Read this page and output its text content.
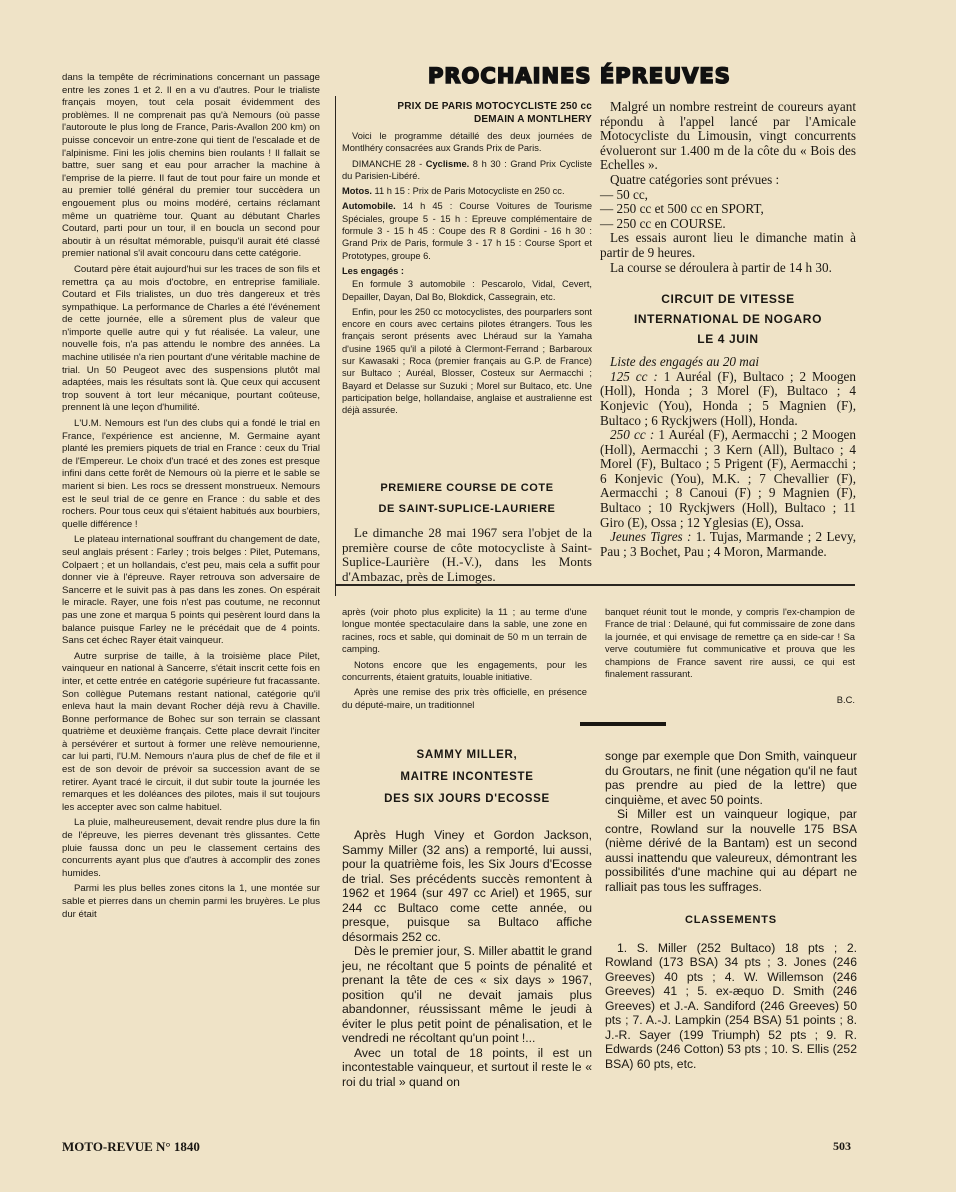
dans la tempête de récriminations concernant un passage entre les zones 1 et 2. Il en a vu d'autres. Pour le trialiste français moyen, tout cela posait évidemment des problèmes. Il ne comprenait pas qu'à Nemours (où passe l'autoroute le plus long de France, Paris-Avallon 200 km) on puisse concevoir un entre-zone qui tient de l'escalade et de l'alpinisme. Fini les jolis chemins bien roulants ! Il fallait se battre, suer sang et eau pour arracher la machine à l'emprise de la pierre. Il faut de tout pour faire un monde et au premier tollé général du premier tour succèdera un engouement plus ou moins modéré, certains réclamant même un quatrième tour. Quant au débutant Charles Coutard, parti pour un tour, il en boucla un second pour aboutir à un résultat mémorable, puisqu'il aurait été classé premier national s'il avait concouru dans cette catégorie.

Coutard père était aujourd'hui sur les traces de son fils et remettra ça au mois d'octobre, en entreprise familiale. Coutard et Fils trialistes, un duo très dangereux et très sympathique. La performance de Charles a été l'événement de cette journée, elle a sûrement plus de valeur que n'importe quelle autre qui y fut réalisée. La valeur, une nouvelle fois, n'a pas attendu le nombre des années. La machine utilisée n'a rien pourtant d'une véritable machine de trial. Un 50 Peugeot avec des suspensions plutôt mal adaptées, mais les résultats sont là. Que ceux qui accusent trop souvent à tort leur mécanique, pourtant coûteuse, prennent là une leçon d'humilité.

L'U.M. Nemours est l'un des clubs qui a fondé le trial en France, l'expérience est ancienne, M. Germaine ayant planté les premiers piquets de trial en France : ceux du Trial de l'Empereur. Le choix d'un tracé et des zones est presque infini dans cette forêt de Nemours où la pierre et le sable se marient si bien. Les rocs se dressent monstrueux. Nemours est le seul trial de ce genre en France : du sable et des rochers. Pour tous ceux qui s'étaient habitués aux bourbiers, quelle différence !

Le plateau international souffrant du changement de date, seul anglais présent : Farley ; trois belges : Pilet, Putemans, Colpaert ; et un hollandais, c'est peu, mais cela a suffit pour donner vie à l'épreuve. Rayer retrouva son adversaire de Sancerre et le suivit pas à pas dans les zones. On espérait le miracle. Rayer, une fois n'est pas coutume, ne reconnut pas une zone et marqua 5 points qui pesèrent lourd dans la balance puisque Farley ne le précédait que de 4 points. Sans cet échec Rayer était vainqueur.

Autre surprise de taille, à la troisième place Pilet, vainqueur en national à Sancerre, s'était inscrit cette fois en inter, et cette entrée en catégorie supérieure fut fracassante. Son collègue Putemans restant national, catégorie qu'il enleva haut la main devant Rocher déjà revu à Chaville. Bonne performance de Bohec sur son terrain se classant quatrième et deuxième français. Cette place devrait l'inciter à persévérer et surtout à former une relève nemourienne, car lui parti, l'U.M. Nemours n'aura plus de chef de file et il est de son devoir de prévoir sa succession avant de se retirer. Ayant tracé le circuit, il dut subir toute la journée les remarques et les doléances des pilotes, mais il sut toujours les accepter avec son calme habituel.

La pluie, malheureusement, devait rendre plus dure la fin de l'épreuve, les pierres devenant très glissantes. Cette pluie faussa donc un peu le classement certains des concurrents ayant plus que d'autres à accomplir des zones humides.

Parmi les plus belles zones citons la 1, une montée sur sable et pierres dans un chemin parmi les bruyères. Le plus dur était

PROCHAINES ÉPREUVES
PRIX DE PARIS MOTOCYCLISTE 250 cc
DEMAIN A MONTLHERY

Voici le programme détaillé des deux journées de Montlhéry consacrées aux Grands Prix de Paris.

DIMANCHE 28 - Cyclisme. 8 h 30 : Grand Prix Cycliste du Parisien-Libéré.

Motos. 11 h 15 : Prix de Paris Motocycliste en 250 cc.

Automobile. 14 h 45 : Course Voitures de Tourisme Spéciales, groupe 5 - 15 h : Epreuve complémentaire de formule 3 - 15 h 45 : Coupe des R 8 Gordini - 16 h 30 : Grand Prix de Paris, formule 3 - 17 h 15 : Course Sport et Prototypes, groupe 6.

Les engagés :

En formule 3 automobile : Pescarolo, Vidal, Cevert, Depailler, Dayan, Dal Bo, Blokdick, Cassegrain, etc.

Enfin, pour les 250 cc motocyclistes, des pourparlers sont encore en cours avec certains pilotes étrangers. Tous les français seront présents avec Lhéraud sur la Yamaha d'usine 1965 qu'il a piloté à Clermont-Ferrand ; Barbaroux sur Kawasaki ; Roca (premier français au G.P. de France) sur Bultaco ; Auréal, Blosser, Costeux sur Aermacchi ; Bayard et Delasse sur Suzuki ; Morel sur Bultaco, etc. Une participation belge, hollandaise, anglaise et australienne est déjà assurée.

PREMIERE COURSE DE COTE
DE SAINT-SUPLICE-LAURIERE

Le dimanche 28 mai 1967 sera l'objet de la première course de côte motocycliste à Saint-Suplice-Laurière (H.-V.), dans les Monts d'Ambazac, près de Limoges.

Malgré un nombre restreint de coureurs ayant répondu à l'appel lancé par l'Amicale Motocycliste du Limousin, vingt concurrents évolueront sur 1.400 m de la côte du « Bois des Echelles ».

Quatre catégories sont prévues :

— 50 cc,

— 250 cc et 500 cc en SPORT,

— 250 cc en COURSE.

Les essais auront lieu le dimanche matin à partir de 9 heures.

La course se déroulera à partir de 14 h 30.

CIRCUIT DE VITESSE
INTERNATIONAL DE NOGARO
LE 4 JUIN

Liste des engagés au 20 mai

125 cc : 1 Auréal (F), Bultaco ; 2 Moogen (Holl), Honda ; 3 Morel (F), Bultaco ; 4 Konjevic (You), Honda ; 5 Magnien (F), Bultaco ; 6 Ryckjwers (Holl), Honda.

250 cc : 1 Auréal (F), Aermacchi ; 2 Moogen (Holl), Aermacchi ; 3 Kern (All), Bultaco ; 4 Morel (F), Bultaco ; 5 Prigent (F), Aermacchi ; 6 Konjevic (You), M.K. ; 7 Chevallier (F), Aermacchi ; 8 Canoui (F) ; 9 Magnien (F), Bultaco ; 10 Ryckjwers (Holl), Bultaco ; 11 Giro (E), Ossa ; 12 Yglesias (E), Ossa.

Jeunes Tigres : 1. Tujas, Marmande ; 2 Levy, Pau ; 3 Bochet, Pau ; 4 Moron, Marmande.

après (voir photo plus explicite) la 11 ; au terme d'une longue montée spectaculaire dans la sable, une zone en racines, rocs et sable, qui dominait de 50 m un terrain de camping.

Notons encore que les engagements, pour les concurrents, étaient gratuits, louable initiative.

Après une remise des prix très officielle, en présence du député-maire, un traditionnel

banquet réunit tout le monde, y compris l'ex-champion de France de trial : Delauné, qui fut commissaire de zone dans la journée, et qui envisage de remettre ça en side-car ! Sa verve coutumière fut communicative et prouva que les champions de France savent rire aussi, ce qui est finalement rassurant.

B.C.
SAMMY MILLER,
MAITRE INCONTESTE
DES SIX JOURS D'ECOSSE

Après Hugh Viney et Gordon Jackson, Sammy Miller (32 ans) a remporté, lui aussi, pour la quatrième fois, les Six Jours d'Ecosse de trial. Ses précédents succès remontent à 1962 et 1964 (sur 497 cc Ariel) et 1965, sur 244 cc Bultaco come cette année, ou presque, puisque sa Bultaco affiche désormais 252 cc.

Dès le premier jour, S. Miller abattit le grand jeu, ne récoltant que 5 points de pénalité et prenant la tête de ces « six days » 1967, position qu'il ne devait jamais plus abandonner, réussissant même le jeudi à éviter le plus petit point de pénalisation, et le vendredi ne récoltant qu'un point !...

Avec un total de 18 points, il est un incontestable vainqueur, et surtout il reste le « roi du trial » quand on

songe par exemple que Don Smith, vainqueur du Groutars, ne finit (une négation qu'il ne faut pas prendre au pied de la lettre) que cinquième, et avec 50 points.

Si Miller est un vainqueur logique, par contre, Rowland sur la nouvelle 175 BSA (nième dérivé de la Bantam) est un second aussi inattendu que valeureux, démontrant les possibilités d'une machine qui au départ ne ralliait pas tous les suffrages.

CLASSEMENTS

1. S. Miller (252 Bultaco) 18 pts ; 2. Rowland (173 BSA) 34 pts ; 3. Jones (246 Greeves) 40 pts ; 4. W. Willemson (246 Greeves) 41 ; 5. ex-æquo D. Smith (246 Greeves) et J.-A. Sandiford (246 Greeves) 50 pts ; 7. A.-J. Lampkin (254 BSA) 51 points ; 8. J.-R. Sayer (199 Triumph) 52 pts ; 9. R. Edwards (246 Cotton) 53 pts ; 10. S. Ellis (252 BSA) 60 pts, etc.

MOTO-REVUE N° 1840	503
